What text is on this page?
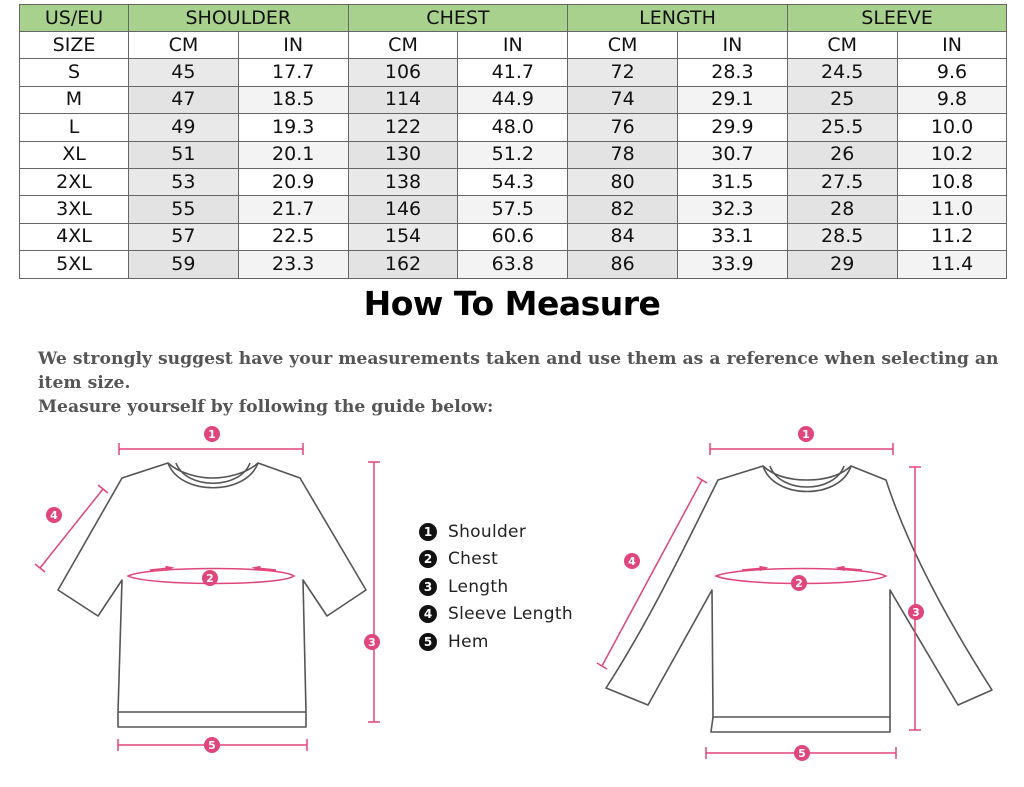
US/EU	SHOULDER		CHEST		LENGTH		SLEEVE	
SIZE	CM	IN	CM	IN	CM	IN	CM	IN
S	45	17.7	106	41.7	72	28.3	24.5	9.6
M	47	18.5	114	44.9	74	29.1	25	9.8
L	49	19.3	122	48.0	76	29.9	25.5	10.0
XL	51	20.1	130	51.2	78	30.7	26	10.2
2XL	53	20.9	138	54.3	80	31.5	27.5	10.8
3XL	55	21.7	146	57.5	82	32.3	28	11.0
4XL	57	22.5	154	60.6	84	33.1	28.5	11.2
5XL	59	23.3	162	63.8	86	33.9	29	11.4
How To Measure
We strongly suggest have your measurements taken and use them as a reference when selecting an item size.
Measure yourself by following the guide below:
1
2
3
4
5
1
2
3
4
5
1 Shoulder
2 Chest
3 Length
4 Sleeve Length
5 Hem
